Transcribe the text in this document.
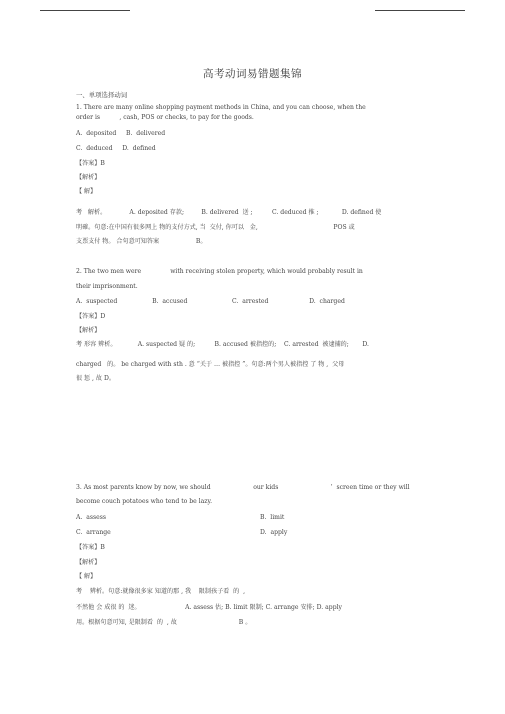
高考动词易错题集锦
一、单项选择动词
1. There are many online shopping payment methods in China, and you can choose, when the
order is          , cash, POS or checks, to pay for the goods.
A.  deposited     B.  delivered
C.  deduced     D.  defined
【答案】B
【解析】
【 解】
考   解析。            A. deposited 存款;         B. delivered  送 ;          C. deduced 推 ;            D. defined 使
明確。句意:在中国有很多网上 物的支付方式, 当  交付, 你可以   金,                                       POS 或
支票支付 物。 合句意可知答案                   B。
2. The two men were               with receiving stolen property, which would probably result in
their imprisonment.
A.  suspected                  B.  accused                       C.  arrested                     D.  charged
【答案】D
【解析】
考 形容 辨析。           A. suspected 疑 的;          B. accused 被指控的;    C. arrested  被逮捕的;       D.
charged   的。 be charged with sth . 意 “关于 … 被指控 ”。句意:两个男人被指控 了 物 ,  父母
很 惩 , 故 D。
3. As most parents know by now, we should                      our kids                           ’  screen time or they will
become couch potatoes who tend to be lazy.
A.  assess	B.  limit
C.  arrange	D.  apply
【答案】B
【解析】
【 解】
考    辨析。句意:就像很多家 知道的那 , 我    限制孩子看  的  ,
不然他 会 成很 的  迷。                       A. assess 估; B. limit 限制; C. arrange 安排; D. apply
用。根据句意可知, 是限制看  的  , 故                                B 。
